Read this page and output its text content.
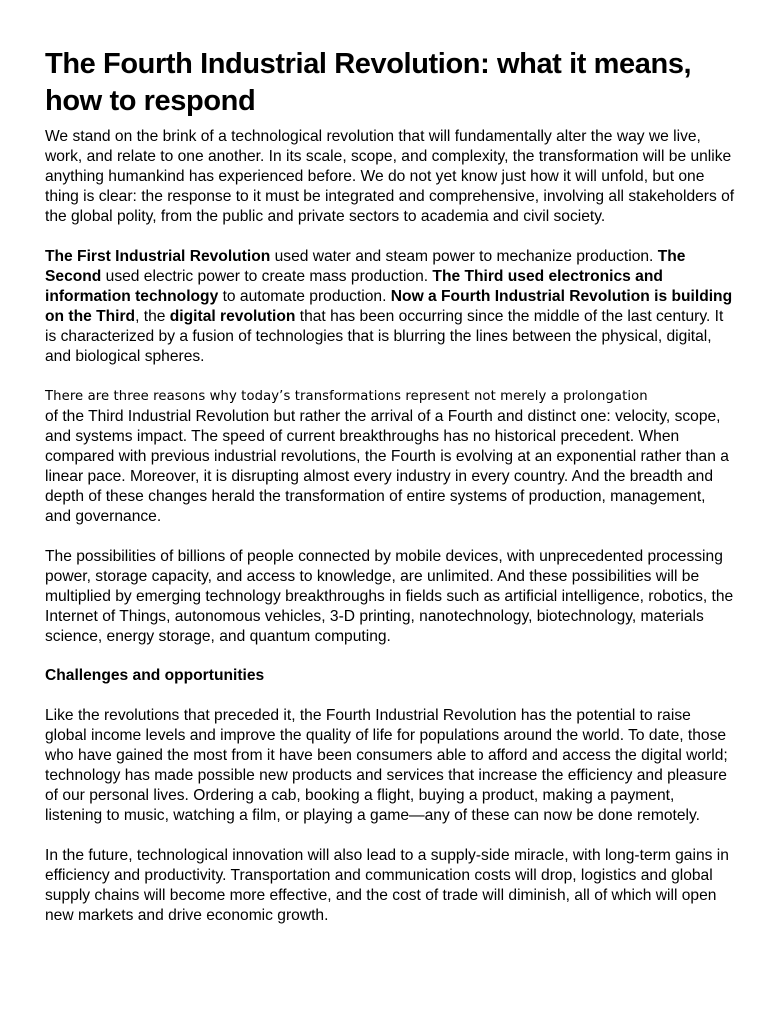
The Fourth Industrial Revolution: what it means, how to respond

We stand on the brink of a technological revolution that will fundamentally alter the way we live, work, and relate to one another. In its scale, scope, and complexity, the transformation will be unlike anything humankind has experienced before. We do not yet know just how it will unfold, but one thing is clear: the response to it must be integrated and comprehensive, involving all stakeholders of the global polity, from the public and private sectors to academia and civil society.

The First Industrial Revolution used water and steam power to mechanize production. The Second used electric power to create mass production. The Third used electronics and information technology to automate production. Now a Fourth Industrial Revolution is building on the Third, the digital revolution that has been occurring since the middle of the last century. It is characterized by a fusion of technologies that is blurring the lines between the physical, digital, and biological spheres.

There are three reasons why today’s transformations represent not merely a prolongation

of the Third Industrial Revolution but rather the arrival of a Fourth and distinct one: velocity, scope, and systems impact. The speed of current breakthroughs has no historical precedent. When compared with previous industrial revolutions, the Fourth is evolving at an exponential rather than a linear pace. Moreover, it is disrupting almost every industry in every country. And the breadth and depth of these changes herald the transformation of entire systems of production, management, and governance.

The possibilities of billions of people connected by mobile devices, with unprecedented processing power, storage capacity, and access to knowledge, are unlimited. And these possibilities will be multiplied by emerging technology breakthroughs in fields such as artificial intelligence, robotics, the Internet of Things, autonomous vehicles, 3-D printing, nanotechnology, biotechnology, materials science, energy storage, and quantum computing.

Challenges and opportunities

Like the revolutions that preceded it, the Fourth Industrial Revolution has the potential to raise global income levels and improve the quality of life for populations around the world. To date, those who have gained the most from it have been consumers able to afford and access the digital world; technology has made possible new products and services that increase the efficiency and pleasure of our personal lives. Ordering a cab, booking a flight, buying a product, making a payment, listening to music, watching a film, or playing a game—any of these can now be done remotely.

In the future, technological innovation will also lead to a supply-side miracle, with long-term gains in efficiency and productivity. Transportation and communication costs will drop, logistics and global supply chains will become more effective, and the cost of trade will diminish, all of which will open new markets and drive economic growth.
